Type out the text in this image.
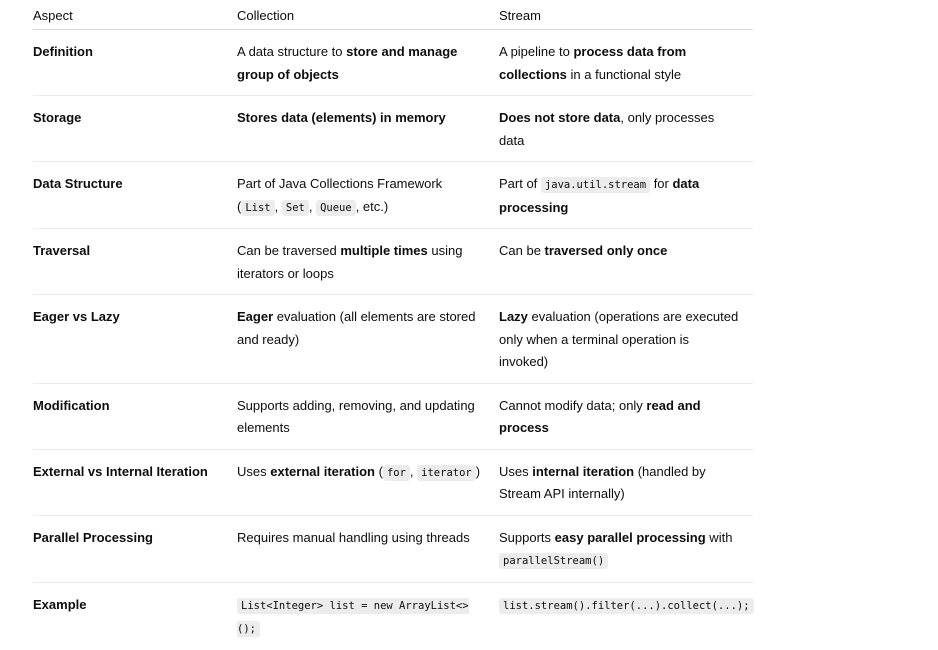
Aspect	Collection	Stream
Definition	A data structure to store and manage group of objects	A pipeline to process data from collections in a functional style
Storage	Stores data (elements) in memory	Does not store data, only processes data
Data Structure	Part of Java Collections Framework ( List , Set , Queue , etc.)	Part of java.util.stream for data processing
Traversal	Can be traversed multiple times using iterators or loops	Can be traversed only once
Eager vs Lazy	Eager evaluation (all elements are stored and ready)	Lazy evaluation (operations are executed only when a terminal operation is invoked)
Modification	Supports adding, removing, and updating elements	Cannot modify data; only read and process
External vs Internal Iteration	Uses external iteration ( for , iterator )	Uses internal iteration (handled by Stream API internally)
Parallel Processing	Requires manual handling using threads	Supports easy parallel processing with parallelStream()
Example	List<Integer> list = new ArrayList<>();	list.stream().filter(...).collect(...);
